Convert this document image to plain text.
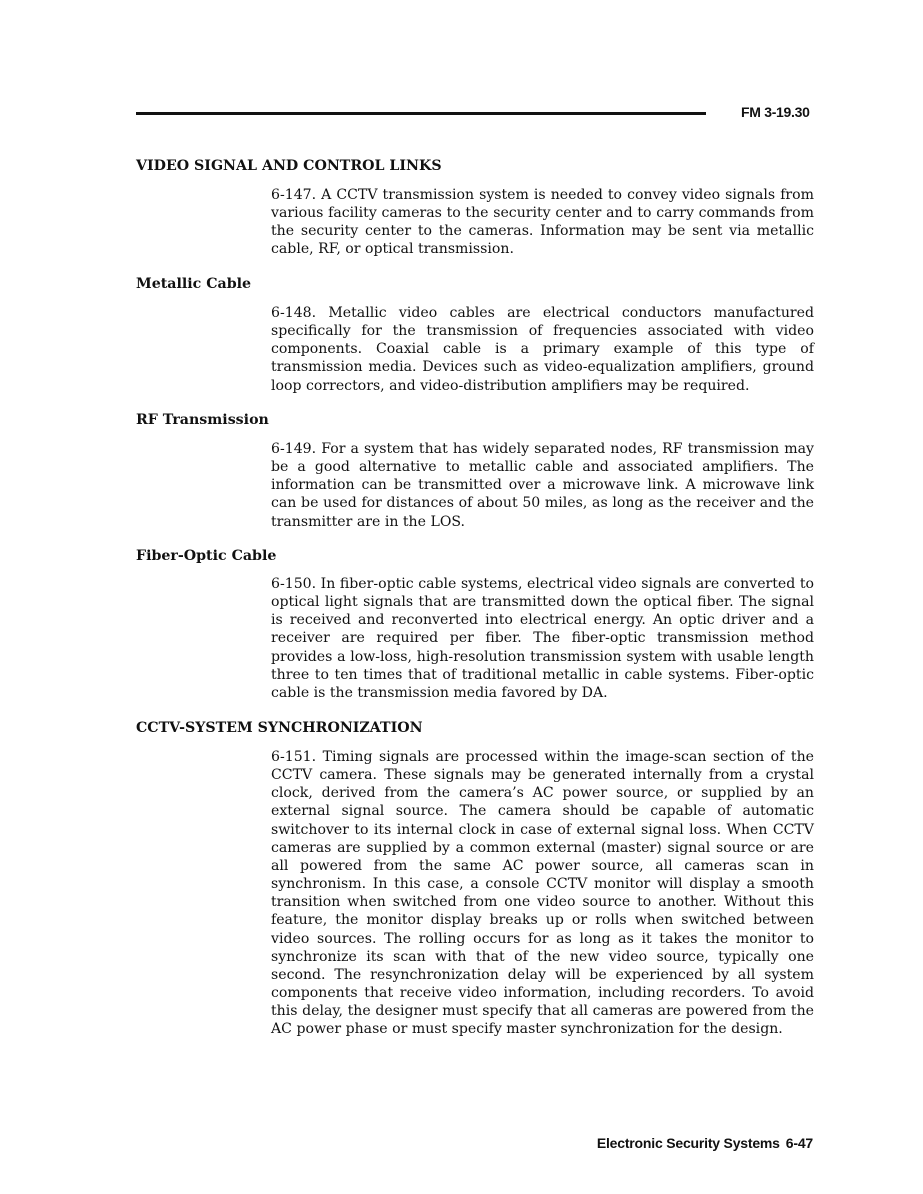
FM 3-19.30
VIDEO SIGNAL AND CONTROL LINKS

6-147. A CCTV transmission system is needed to convey video signals from various facility cameras to the security center and to carry commands from the security center to the cameras. Information may be sent via metallic cable, RF, or optical transmission.

Metallic Cable

6-148. Metallic video cables are electrical conductors manufactured specifically for the transmission of frequencies associated with video components. Coaxial cable is a primary example of this type of transmission media. Devices such as video-equalization amplifiers, ground loop correctors, and video-distribution amplifiers may be required.

RF Transmission

6-149. For a system that has widely separated nodes, RF transmission may be a good alternative to metallic cable and associated amplifiers. The information can be transmitted over a microwave link. A microwave link can be used for distances of about 50 miles, as long as the receiver and the transmitter are in the LOS.

Fiber-Optic Cable

6-150. In fiber-optic cable systems, electrical video signals are converted to optical light signals that are transmitted down the optical fiber. The signal is received and reconverted into electrical energy. An optic driver and a receiver are required per fiber. The fiber-optic transmission method provides a low-loss, high-resolution transmission system with usable length three to ten times that of traditional metallic in cable systems. Fiber-optic cable is the transmission media favored by DA.

CCTV-SYSTEM SYNCHRONIZATION

6-151. Timing signals are processed within the image-scan section of the CCTV camera. These signals may be generated internally from a crystal clock, derived from the camera’s AC power source, or supplied by an external signal source. The camera should be capable of automatic switchover to its internal clock in case of external signal loss. When CCTV cameras are supplied by a common external (master) signal source or are all powered from the same AC power source, all cameras scan in synchronism. In this case, a console CCTV monitor will display a smooth transition when switched from one video source to another. Without this feature, the monitor display breaks up or rolls when switched between video sources. The rolling occurs for as long as it takes the monitor to synchronize its scan with that of the new video source, typically one second. The resynchronization delay will be experienced by all system components that receive video information, including recorders. To avoid this delay, the designer must specify that all cameras are powered from the AC power phase or must specify master synchronization for the design.

Electronic Security Systems 6-47
